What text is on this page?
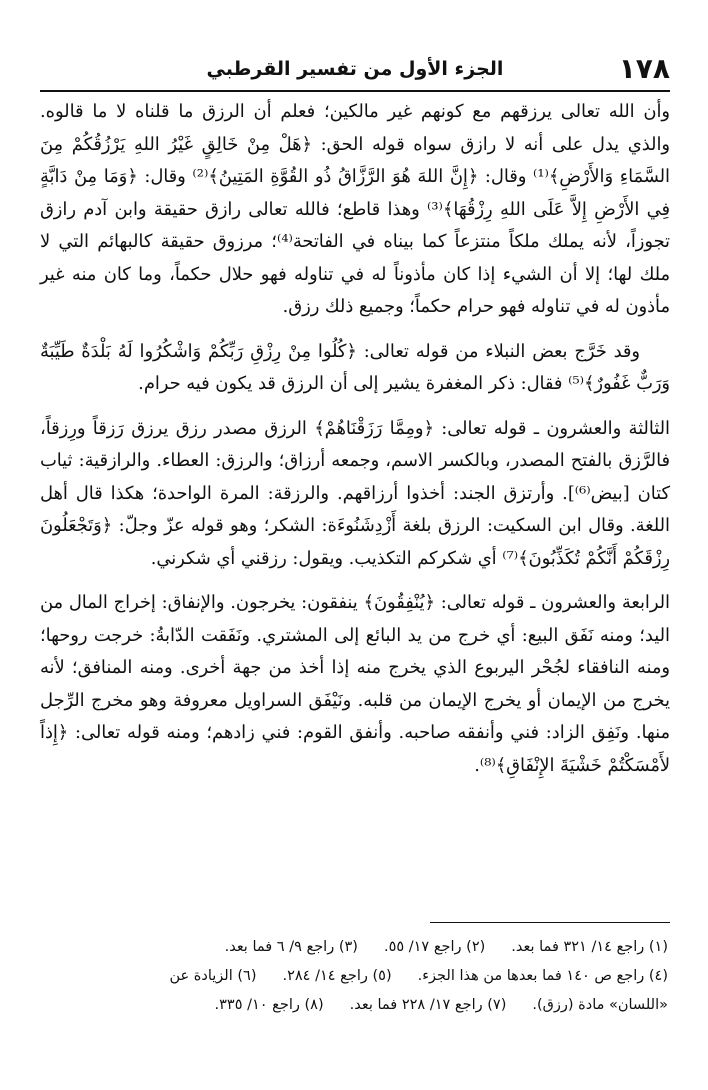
١٧٨
الجزء الأول من تفسير القرطبي

وأن الله تعالى يرزقهم مع كونهم غير مالكين؛ فعلم أن الرزق ما قلناه لا ما قالوه. والذي يدل على أنه لا رازق سواه قوله الحق: ﴿هَلْ مِنْ خَالِقٍ غَيْرُ اللهِ يَرْزُقُكُمْ مِنَ السَّمَاءِ وَالأَرْضِ﴾⁽¹⁾ وقال: ﴿إِنَّ اللهَ هُوَ الرَّزَّاقُ ذُو القُوَّةِ المَتِينُ﴾⁽²⁾ وقال: ﴿وَمَا مِنْ دَابَّةٍ فِي الأَرْضِ إِلاَّ عَلَى اللهِ رِزْقُهَا﴾⁽³⁾ وهذا قاطع؛ فالله تعالى رازق حقيقة وابن آدم رازق تجوزاً، لأنه يملك ملكاً منتزعاً كما بيناه في الفاتحة⁽⁴⁾؛ مرزوق حقيقة كالبهائم التي لا ملك لها؛ إلا أن الشيء إذا كان مأذوناً له في تناوله فهو حلال حكماً، وما كان منه غير مأذون له في تناوله فهو حرام حكماً؛ وجميع ذلك رزق.

وقد خَرَّج بعض النبلاء من قوله تعالى: ﴿كُلُوا مِنْ رِزْقِ رَبِّكُمْ وَاشْكُرُوا لَهُ بَلْدَةٌ طَيِّبَةٌ وَرَبٌّ غَفُورٌ﴾⁽⁵⁾ فقال: ذكر المغفرة يشير إلى أن الرزق قد يكون فيه حرام.

الثالثة والعشرون ـ قوله تعالى: ﴿ومِمَّا رَزَقْنَاهُمْ﴾ الرزق مصدر رزق يرزق رَزقاً ورِزقاً، فالرَّزق بالفتح المصدر، وبالكسر الاسم، وجمعه أرزاق؛ والرزق: العطاء. والرازقية: ثياب كتان [بيض⁽⁶⁾]. وأرتزق الجند: أخذوا أرزاقهم. والرزقة: المرة الواحدة؛ هكذا قال أهل اللغة. وقال ابن السكيت: الرزق بلغة أَزْدِشَنُوءَة: الشكر؛ وهو قوله عزّ وجلّ: ﴿وَتَجْعَلُونَ رِزْقَكُمْ أَنَّكُمْ تُكَذِّبُونَ﴾⁽⁷⁾ أي شكركم التكذيب. ويقول: رزقني أي شكرني.

الرابعة والعشرون ـ قوله تعالى: ﴿يُنْفِقُونَ﴾ ينفقون: يخرجون. والإنفاق: إخراج المال من اليد؛ ومنه نَفَق البيع: أي خرج من يد البائع إلى المشتري. ونَفَقت الدّابةُ: خرجت روحها؛ ومنه النافقاء لجُحْر اليربوع الذي يخرج منه إذا أخذ من جهة أخرى. ومنه المنافق؛ لأنه يخرج من الإيمان أو يخرج الإيمان من قلبه. ونَيْفَق السراويل معروفة وهو مخرج الرِّجل منها. ونَفِق الزاد: فني وأنفقه صاحبه. وأنفق القوم: فني زادهم؛ ومنه قوله تعالى: ﴿إِذاً لأَمْسَكْتُمْ خَشْيَةَ الإِنْفَاقِ﴾⁽⁸⁾.

(١) راجع ١٤/ ٣٢١ فما بعد.
(٢) راجع ١٧/ ٥٥.
(٣) راجع ٩/ ٦ فما بعد.
(٤) راجع ص ١٤٠ فما بعدها من هذا الجزء.
(٥) راجع ١٤/ ٢٨٤.
(٦) الزيادة عن
«اللسان» مادة (رزق).
(٧) راجع ١٧/ ٢٢٨ فما بعد.
(٨) راجع ١٠/ ٣٣٥.
